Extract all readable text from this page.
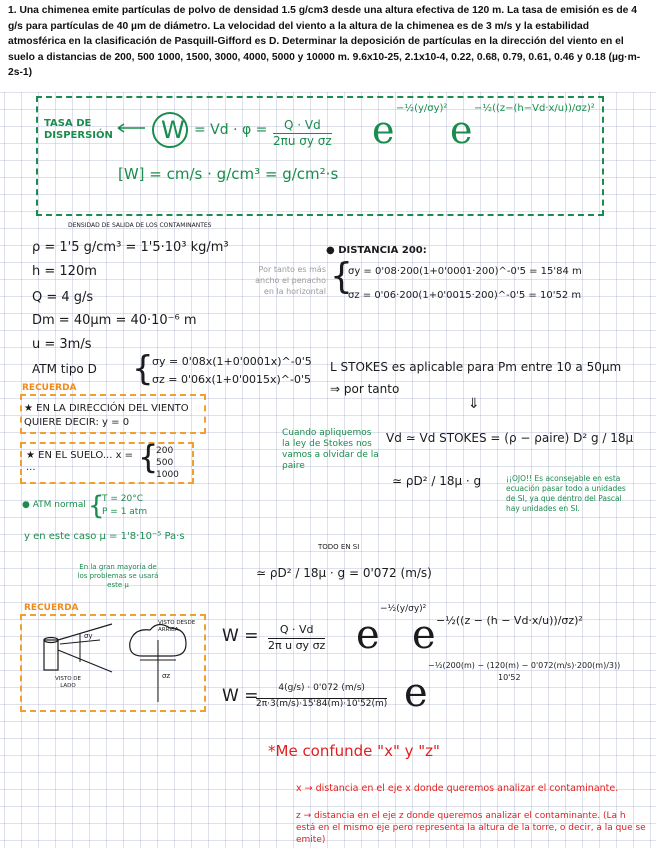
1. Una chimenea emite partículas de polvo de densidad 1.5 g/cm3 desde una altura efectiva de 120 m. La tasa de emisión es de 4 g/s para partículas de 40 µm de diámetro. La velocidad del viento a la altura de la chimenea es de 3 m/s y la estabilidad atmosférica en la clasificación de Pasquill-Gifford es D. Determinar la deposición de partículas en la dirección del viento en el suelo a distancias de 200, 500 1000, 1500, 3000, 4000, 5000 y 10000 m. 9.6x10-25, 2.1x10-4, 0.22, 0.68, 0.79, 0.61, 0.46 y 0.18 (µg·m-2s-1)
TASA DE DISPERSIÓN W = Vd · φ =	Q · Vd
2πu σy σz e −½(y/σy)² e −½((z−(h−Vd·x/u))/σz)²
[W] = cm/s · g/cm³ = g/cm²·s
DENSIDAD DE SALIDA DE LOS CONTAMINANTES
ρ = 1'5 g/cm³ = 1'5·10³ kg/m³
h = 120m
Q = 4 g/s
Dm = 40µm = 40·10⁻⁶ m
u = 3m/s
ATM tipo D {
σy = 0'08x(1+0'0001x)^-0'5
σz = 0'06x(1+0'0015x)^-0'5
RECUERDA
★ EN LA DIRECCIÓN DEL VIENTO QUIERE DECIR: y = 0
★ EN EL SUELO... x = ···	{
200
500
1000
● ATM normal {
T = 20°C
P = 1 atm
y en este caso µ = 1'8·10⁻⁵ Pa·s
En la gran mayoría de los problemas se usará este µ
RECUERDA
σy
VISTO DESDE ARRIBA
VISTO DE LADO
σz
● DISTANCIA 200:
Por tanto es más ancho el penacho en la horizontal {
σy = 0'08·200(1+0'0001·200)^-0'5 = 15'84 m
σz = 0'06·200(1+0'0015·200)^-0'5 = 10'52 m
L STOKES es aplicable para Pm entre 10 a 50µm ⇒ por tanto
⇓
Cuando apliquemos la ley de Stokes nos vamos a olvidar de la ρaire
Vd ≃ Vd STOKES = (ρ − ρaire) D² g / 18µ
≃ ρD² / 18µ · g	¡¡OJO!! Es aconsejable en esta ecuación pasar todo a unidades de SI, ya que dentro del Pascal hay unidades en SI.
TODO EN SI
≃ ρD² / 18µ · g = 0'072 (m/s)
W =	Q · Vd
2π u σy σz e
−½(y/σy)²
e −½((z − (h − Vd·x/u))/σz)²
W =	4(g/s) · 0'072 (m/s)
2π·3(m/s)·15'84(m)·10'52(m) e
−½(200(m) − (120(m) − 0'072(m/s)·200(m)/3))
10'52
*Me confunde "x" y "z"
x → distancia en el eje x donde queremos analizar el contaminante.
z → distancia en el eje z donde queremos analizar el contaminante. (La h está en el mismo eje pero representa la altura de la torre, o decir, a la que se emite)
